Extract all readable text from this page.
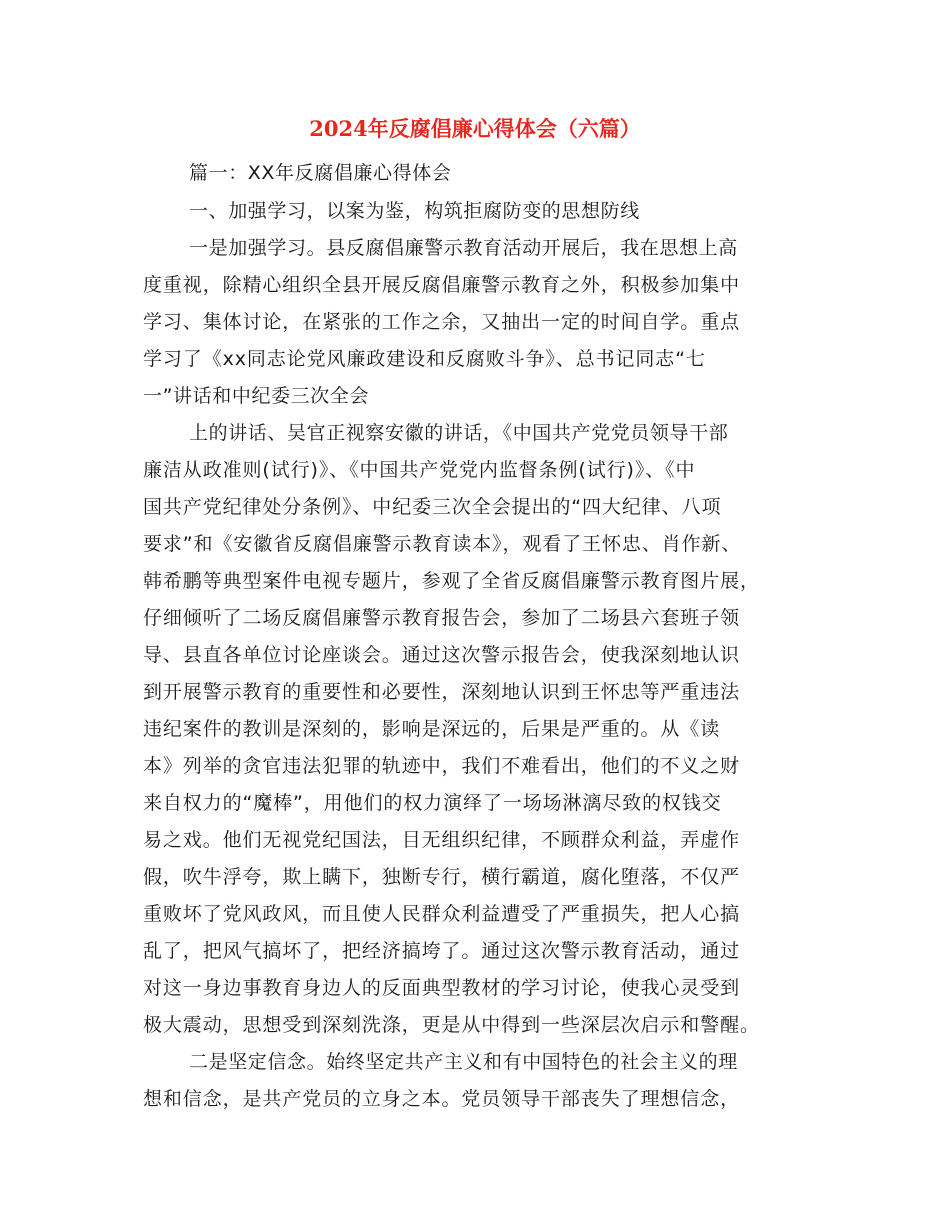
2024年反腐倡廉心得体会（六篇）
篇一：XX年反腐倡廉心得体会
一、加强学习，以案为鉴，构筑拒腐防变的思想防线
一是加强学习。县反腐倡廉警示教育活动开展后，我在思想上高
度重视，除精心组织全县开展反腐倡廉警示教育之外，积极参加集中
学习、集体讨论，在紧张的工作之余，又抽出一定的时间自学。重点
学习了《xx同志论党风廉政建设和反腐败斗争》、总书记同志“七
一”讲话和中纪委三次全会
上的讲话、吴官正视察安徽的讲话，《中国共产党党员领导干部
廉洁从政准则(试行)》、《中国共产党党内监督条例(试行)》、《中
国共产党纪律处分条例》、中纪委三次全会提出的“四大纪律、八项
要求”和《安徽省反腐倡廉警示教育读本》，观看了王怀忠、肖作新、
韩希鹏等典型案件电视专题片，参观了全省反腐倡廉警示教育图片展，
仔细倾听了二场反腐倡廉警示教育报告会，参加了二场县六套班子领
导、县直各单位讨论座谈会。通过这次警示报告会，使我深刻地认识
到开展警示教育的重要性和必要性，深刻地认识到王怀忠等严重违法
违纪案件的教训是深刻的，影响是深远的，后果是严重的。从《读
本》列举的贪官违法犯罪的轨迹中，我们不难看出，他们的不义之财
来自权力的“魔棒”，用他们的权力演绎了一场场淋漓尽致的权钱交
易之戏。他们无视党纪国法，目无组织纪律，不顾群众利益，弄虚作
假，吹牛浮夸，欺上瞒下，独断专行，横行霸道，腐化堕落，不仅严
重败坏了党风政风，而且使人民群众利益遭受了严重损失，把人心搞
乱了，把风气搞坏了，把经济搞垮了。通过这次警示教育活动，通过
对这一身边事教育身边人的反面典型教材的学习讨论，使我心灵受到
极大震动，思想受到深刻洗涤，更是从中得到一些深层次启示和警醒。
二是坚定信念。始终坚定共产主义和有中国特色的社会主义的理
想和信念，是共产党员的立身之本。党员领导干部丧失了理想信念，
